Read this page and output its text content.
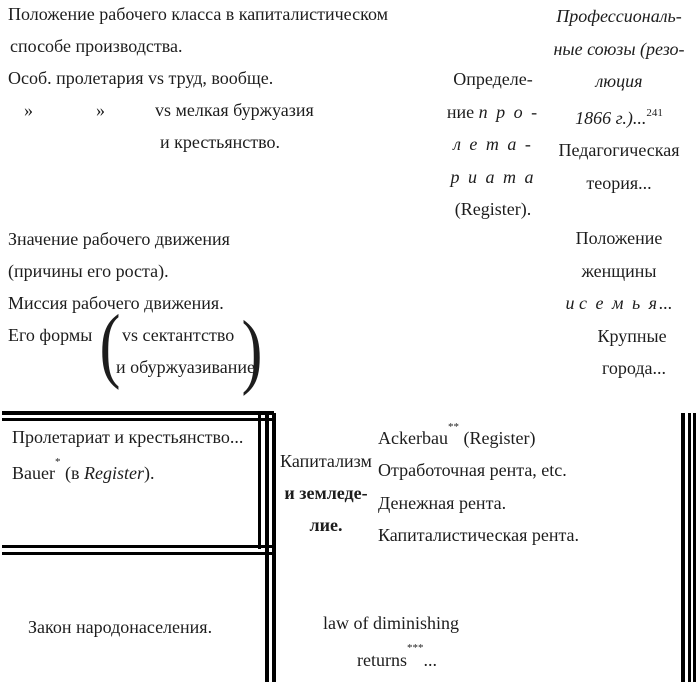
Положение рабочего класса в капиталистическом
способе производства.
Особ. пролетария vs труд, вообще.
»	»	vs мелкая буржуазия
и крестьянство.
Определе-
ние п р о -
л е т а -
р и а т а
(Register).
Профессиональ-
ные союзы (резо-
люция
1866 г.)...$^{241}$
Педагогическая
теория...
Значение рабочего движения
(причины его роста).
Миссия рабочего движения.
Его формы ( vs сектантство
и обуржуазивание
)
Положение
женщины
и с е м ь я...
Крупные
города...
Пролетариат и крестьянство...
Bauer* (в Register).
Капитализм
и земледе-
лие.
Ackerbau** (Register)
Отработочная рента, etc.
Денежная рента.
Капиталистическая рента.
Закон народонаселения.	law of diminishing
returns***...
